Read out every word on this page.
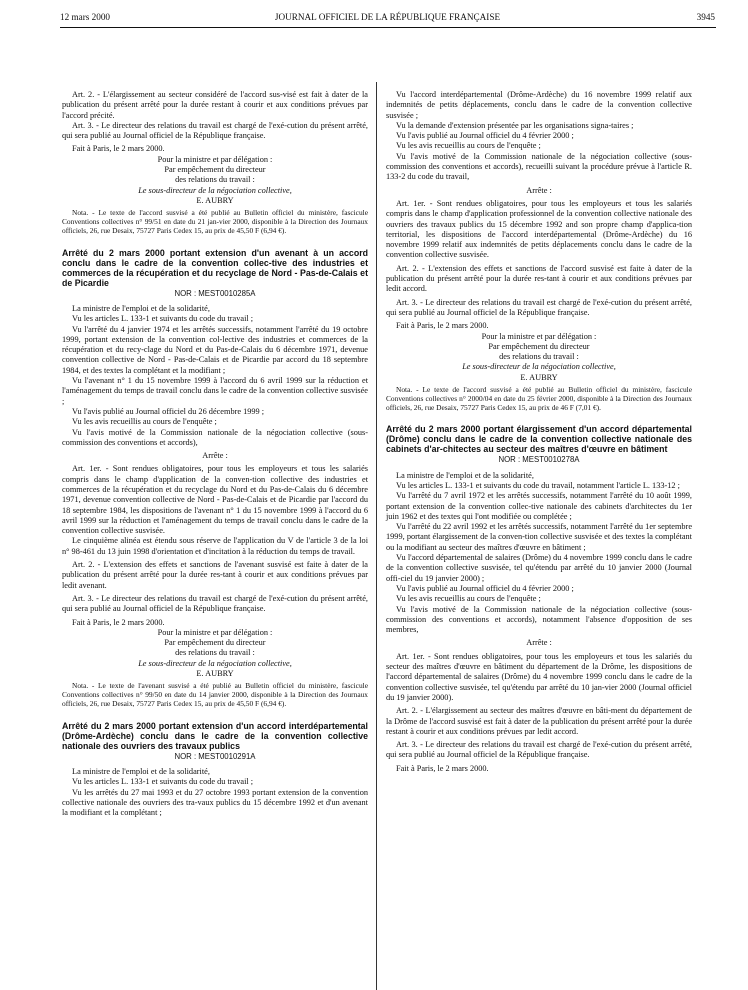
12 mars 2000	JOURNAL OFFICIEL DE LA RÉPUBLIQUE FRANÇAISE	3945

Art. 2. - L'élargissement au secteur considéré de l'accord sus-visé est fait à dater de la publication du présent arrêté pour la durée restant à courir et aux conditions prévues par l'accord précité.

Art. 3. - Le directeur des relations du travail est chargé de l'exé-cution du présent arrêté, qui sera publié au Journal officiel de la République française.

Fait à Paris, le 2 mars 2000.

Pour la ministre et par délégation :

Par empêchement du directeur

des relations du travail :

Le sous-directeur de la négociation collective,

E. AUBRY

Nota. - Le texte de l'accord susvisé a été publié au Bulletin officiel du ministère, fascicule Conventions collectives n° 99/51 en date du 21 jan-vier 2000, disponible à la Direction des Journaux officiels, 26, rue Desaix, 75727 Paris Cedex 15, au prix de 45,50 F (6,94 €).

Arrêté du 2 mars 2000 portant extension d'un avenant à un accord conclu dans le cadre de la convention collec-tive des industries et commerces de la récupération et du recyclage de Nord - Pas-de-Calais et de Picardie

NOR : MESТ0010285A

La ministre de l'emploi et de la solidarité,

Vu les articles L. 133-1 et suivants du code du travail ;

Vu l'arrêté du 4 janvier 1974 et les arrêtés successifs, notamment l'arrêté du 19 octobre 1999, portant extension de la convention col-lective des industries et commerces de la récupération et du recy-clage du Nord et du Pas-de-Calais du 6 décembre 1971, devenue convention collective de Nord - Pas-de-Calais et de Picardie par accord du 18 septembre 1984, et des textes la complétant et la modifiant ;

Vu l'avenant n° 1 du 15 novembre 1999 à l'accord du 6 avril 1999 sur la réduction et l'aménagement du temps de travail conclu dans le cadre de la convention collective susvisée ;

Vu l'avis publié au Journal officiel du 26 décembre 1999 ;

Vu les avis recueillis au cours de l'enquête ;

Vu l'avis motivé de la Commission nationale de la négociation collective (sous-commission des conventions et accords),

Arrête :

Art. 1er. - Sont rendues obligatoires, pour tous les employeurs et tous les salariés compris dans le champ d'application de la conven-tion collective des industries et commerces de la récupération et du recyclage du Nord et du Pas-de-Calais du 6 décembre 1971, devenue convention collective de Nord - Pas-de-Calais et de Picardie par l'accord du 18 septembre 1984, les dispositions de l'avenant n° 1 du 15 novembre 1999 à l'accord du 6 avril 1999 sur la réduction et l'aménagement du temps de travail conclu dans le cadre de la convention collective susvisée.

Le cinquième alinéa est étendu sous réserve de l'application du V de l'article 3 de la loi n° 98-461 du 13 juin 1998 d'orientation et d'incitation à la réduction du temps de travail.

Art. 2. - L'extension des effets et sanctions de l'avenant susvisé est faite à dater de la publication du présent arrêté pour la durée res-tant à courir et aux conditions prévues par ledit avenant.

Art. 3. - Le directeur des relations du travail est chargé de l'exé-cution du présent arrêté, qui sera publié au Journal officiel de la République française.

Fait à Paris, le 2 mars 2000.

Pour la ministre et par délégation :

Par empêchement du directeur

des relations du travail :

Le sous-directeur de la négociation collective,

E. AUBRY

Nota. - Le texte de l'avenant susvisé a été publié au Bulletin officiel du ministère, fascicule Conventions collectives n° 99/50 en date du 14 janvier 2000, disponible à la Direction des Journaux officiels, 26, rue Desaix, 75727 Paris Cedex 15, au prix de 45,50 F (6,94 €).

Arrêté du 2 mars 2000 portant extension d'un accord interdépartemental (Drôme-Ardèche) conclu dans le cadre de la convention collective nationale des ouvriers des travaux publics

NOR : MEST0010291A

La ministre de l'emploi et de la solidarité,

Vu les articles L. 133-1 et suivants du code du travail ;

Vu les arrêtés du 27 mai 1993 et du 27 octobre 1993 portant extension de la convention collective nationale des ouvriers des tra-vaux publics du 15 décembre 1992 et d'un avenant la modifiant et la complétant ;

Vu l'accord interdépartemental (Drôme-Ardèche) du 16 novembre 1999 relatif aux indemnités de petits déplacements, conclu dans le cadre de la convention collective susvisée ;

Vu la demande d'extension présentée par les organisations signa-taires ;

Vu l'avis publié au Journal officiel du 4 février 2000 ;

Vu les avis recueillis au cours de l'enquête ;

Vu l'avis motivé de la Commission nationale de la négociation collective (sous-commission des conventions et accords), recueilli suivant la procédure prévue à l'article R. 133-2 du code du travail,

Arrête :

Art. 1er. - Sont rendues obligatoires, pour tous les employeurs et tous les salariés compris dans le champ d'application professionnel de la convention collective nationale des ouvriers des travaux publics du 15 décembre 1992 and son propre champ d'applica-tion territorial, les dispositions de l'accord interdépartemental (Drôme-Ardèche) du 16 novembre 1999 relatif aux indemnités de petits déplacements conclu dans le cadre de la convention collective susvisée.

Art. 2. - L'extension des effets et sanctions de l'accord susvisé est faite à dater de la publication du présent arrêté pour la durée res-tant à courir et aux conditions prévues par ledit accord.

Art. 3. - Le directeur des relations du travail est chargé de l'exé-cution du présent arrêté, qui sera publié au Journal officiel de la République française.

Fait à Paris, le 2 mars 2000.

Pour la ministre et par délégation :

Par empêchement du directeur

des relations du travail :

Le sous-directeur de la négociation collective,

E. AUBRY

Nota. - Le texte de l'accord susvisé a été publié au Bulletin officiel du ministère, fascicule Conventions collectives n° 2000/04 en date du 25 février 2000, disponible à la Direction des Journaux officiels, 26, rue Desaix, 75727 Paris Cedex 15, au prix de 46 F (7,01 €).

Arrêté du 2 mars 2000 portant élargissement d'un accord départemental (Drôme) conclu dans le cadre de la convention collective nationale des cabinets d'ar-chitectes au secteur des maîtres d'œuvre en bâtiment

NOR : MEST0010278A

La ministre de l'emploi et de la solidarité,

Vu les articles L. 133-1 et suivants du code du travail, notamment l'article L. 133-12 ;

Vu l'arrêté du 7 avril 1972 et les arrêtés successifs, notamment l'arrêté du 10 août 1999, portant extension de la convention collec-tive nationale des cabinets d'architectes du 1er juin 1962 et des textes qui l'ont modifiée ou complétée ;

Vu l'arrêté du 22 avril 1992 et les arrêtés successifs, notamment l'arrêté du 1er septembre 1999, portant élargissement de la conven-tion collective susvisée et des textes la complétant ou la modifiant au secteur des maîtres d'œuvre en bâtiment ;

Vu l'accord départemental de salaires (Drôme) du 4 novembre 1999 conclu dans le cadre de la convention collective susvisée, tel qu'étendu par arrêté du 10 janvier 2000 (Journal offi-ciel du 19 janvier 2000) ;

Vu l'avis publié au Journal officiel du 4 février 2000 ;

Vu les avis recueillis au cours de l'enquête ;

Vu l'avis motivé de la Commission nationale de la négociation collective (sous-commission des conventions et accords), notamment l'absence d'opposition de ses membres,

Arrête :

Art. 1er. - Sont rendues obligatoires, pour tous les employeurs et tous les salariés du secteur des maîtres d'œuvre en bâtiment du département de la Drôme, les dispositions de l'accord départemental de salaires (Drôme) du 4 novembre 1999 conclu dans le cadre de la convention collective susvisée, tel qu'étendu par arrêté du 10 jan-vier 2000 (Journal officiel du 19 janvier 2000).

Art. 2. - L'élargissement au secteur des maîtres d'œuvre en bâti-ment du département de la Drôme de l'accord susvisé est fait à dater de la publication du présent arrêté pour la durée restant à courir et aux conditions prévues par ledit accord.

Art. 3. - Le directeur des relations du travail est chargé de l'exé-cution du présent arrêté, qui sera publié au Journal officiel de la République française.

Fait à Paris, le 2 mars 2000.
